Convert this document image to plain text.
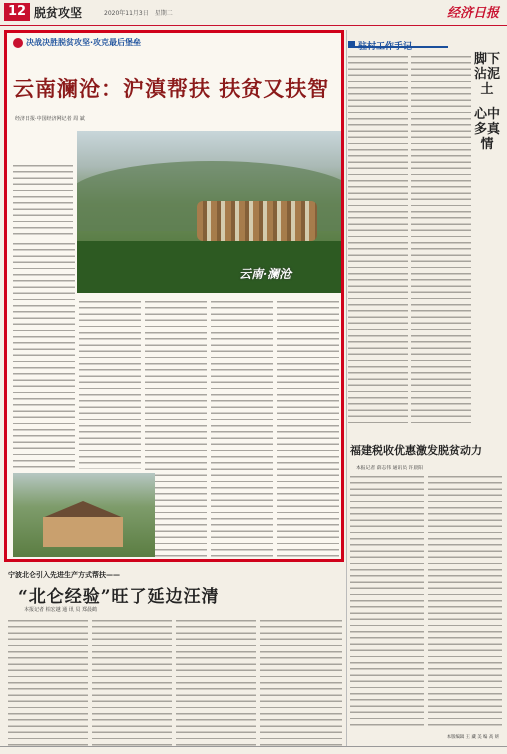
12 脱贫攻坚	2020年11月3日　星期二	经济日报
决战决胜脱贫攻坚·攻克最后堡垒
云南澜沧：沪滇帮扶 扶贫又扶智
经济日报·中国经济网记者 周 斌
云南·澜沧
澜沧县竹塘乡老达保村村民们喜迁新居。	本报记者 周 斌摄
驻村工作手记
脚下沾泥土
心中多真情
宁波北仑引入先进生产方式帮扶——
“北仑经验”旺了延边汪清
本报记者 柏宏越 通 讯 员 郑晨鹤
福建税收优惠激发脱贫动力
本报记者 薛志伟 通讯员 许晨阳
本版编辑 王 藏 美 编 高 妍
